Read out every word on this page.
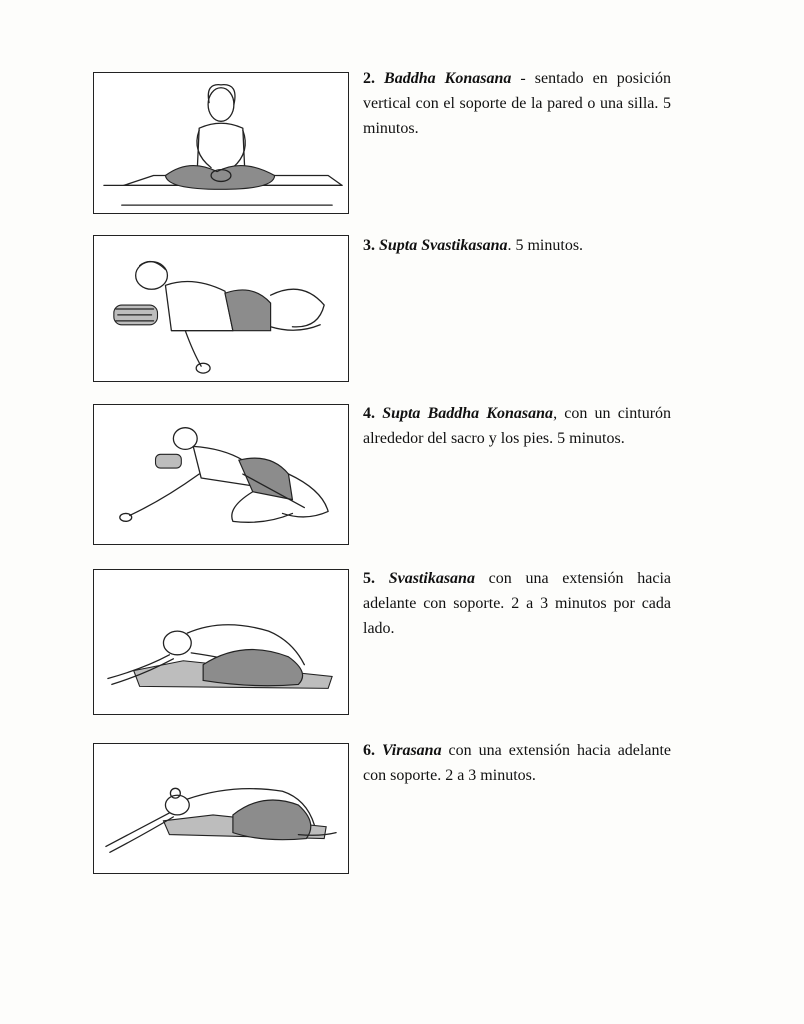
2. Baddha Konasana - sentado en posición vertical con el soporte de la pared o una silla. 5 minutos.
3. Supta Svastikasana. 5 minutos.
4. Supta Baddha Konasana, con un cinturón alrededor del sacro y los pies. 5 minutos.
5. Svastikasana con una extensión hacia adelante con soporte. 2 a 3 minutos por cada lado.
6. Virasana con una extensión hacia adelante con soporte. 2 a 3 minutos.
